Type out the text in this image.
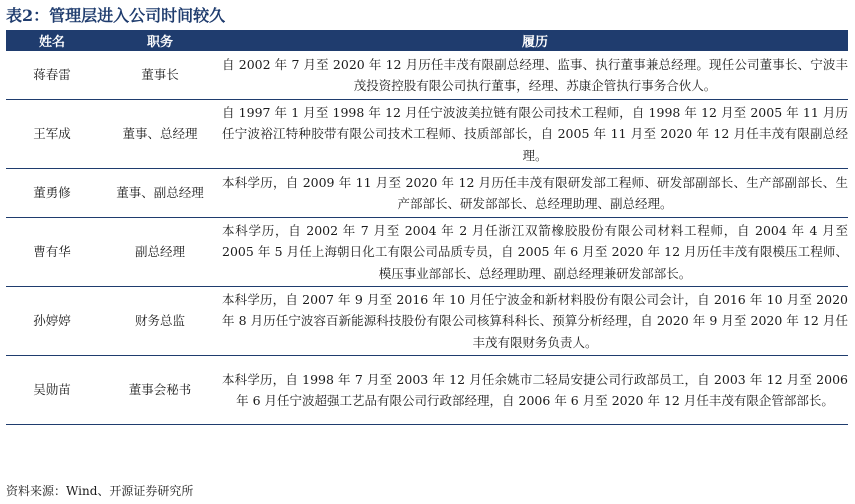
表2：管理层进入公司时间较久
姓名	职务	履历
蒋春雷	董事长	自 2002 年 7 月至 2020 年 12 月历任丰茂有限副总经理、监事、执行董事兼总经理。现任公司董事长、宁波丰茂投资控股有限公司执行董事，经理、苏康企管执行事务合伙人。
王军成	董事、总经理	自 1997 年 1 月至 1998 年 12 月任宁波波美拉链有限公司技术工程师，自 1998 年 12 月至 2005 年 11 月历任宁波裕江特种胶带有限公司技术工程师、技质部部长，自 2005 年 11 月至 2020 年 12 月任丰茂有限副总经理。
董勇修	董事、副总经理	本科学历，自 2009 年 11 月至 2020 年 12 月历任丰茂有限研发部工程师、研发部副部长、生产部副部长、生产部部长、研发部部长、总经理助理、副总经理。
曹有华	副总经理	本科学历，自 2002 年 7 月至 2004 年 2 月任浙江双箭橡胶股份有限公司材料工程师，自 2004 年 4 月至 2005 年 5 月任上海朝日化工有限公司品质专员，自 2005 年 6 月至 2020 年 12 月历任丰茂有限模压工程师、模压事业部部长、总经理助理、副总经理兼研发部部长。
孙婷婷	财务总监	本科学历，自 2007 年 9 月至 2016 年 10 月任宁波金和新材料股份有限公司会计，自 2016 年 10 月至 2020 年 8 月历任宁波容百新能源科技股份有限公司核算科科长、预算分析经理，自 2020 年 9 月至 2020 年 12 月任丰茂有限财务负责人。
吴勋苗	董事会秘书	本科学历，自 1998 年 7 月至 2003 年 12 月任余姚市二轻局安捷公司行政部员工，自 2003 年 12 月至 2006 年 6 月任宁波超强工艺品有限公司行政部经理，自 2006 年 6 月至 2020 年 12 月任丰茂有限企管部部长。
资料来源：Wind、开源证券研究所
